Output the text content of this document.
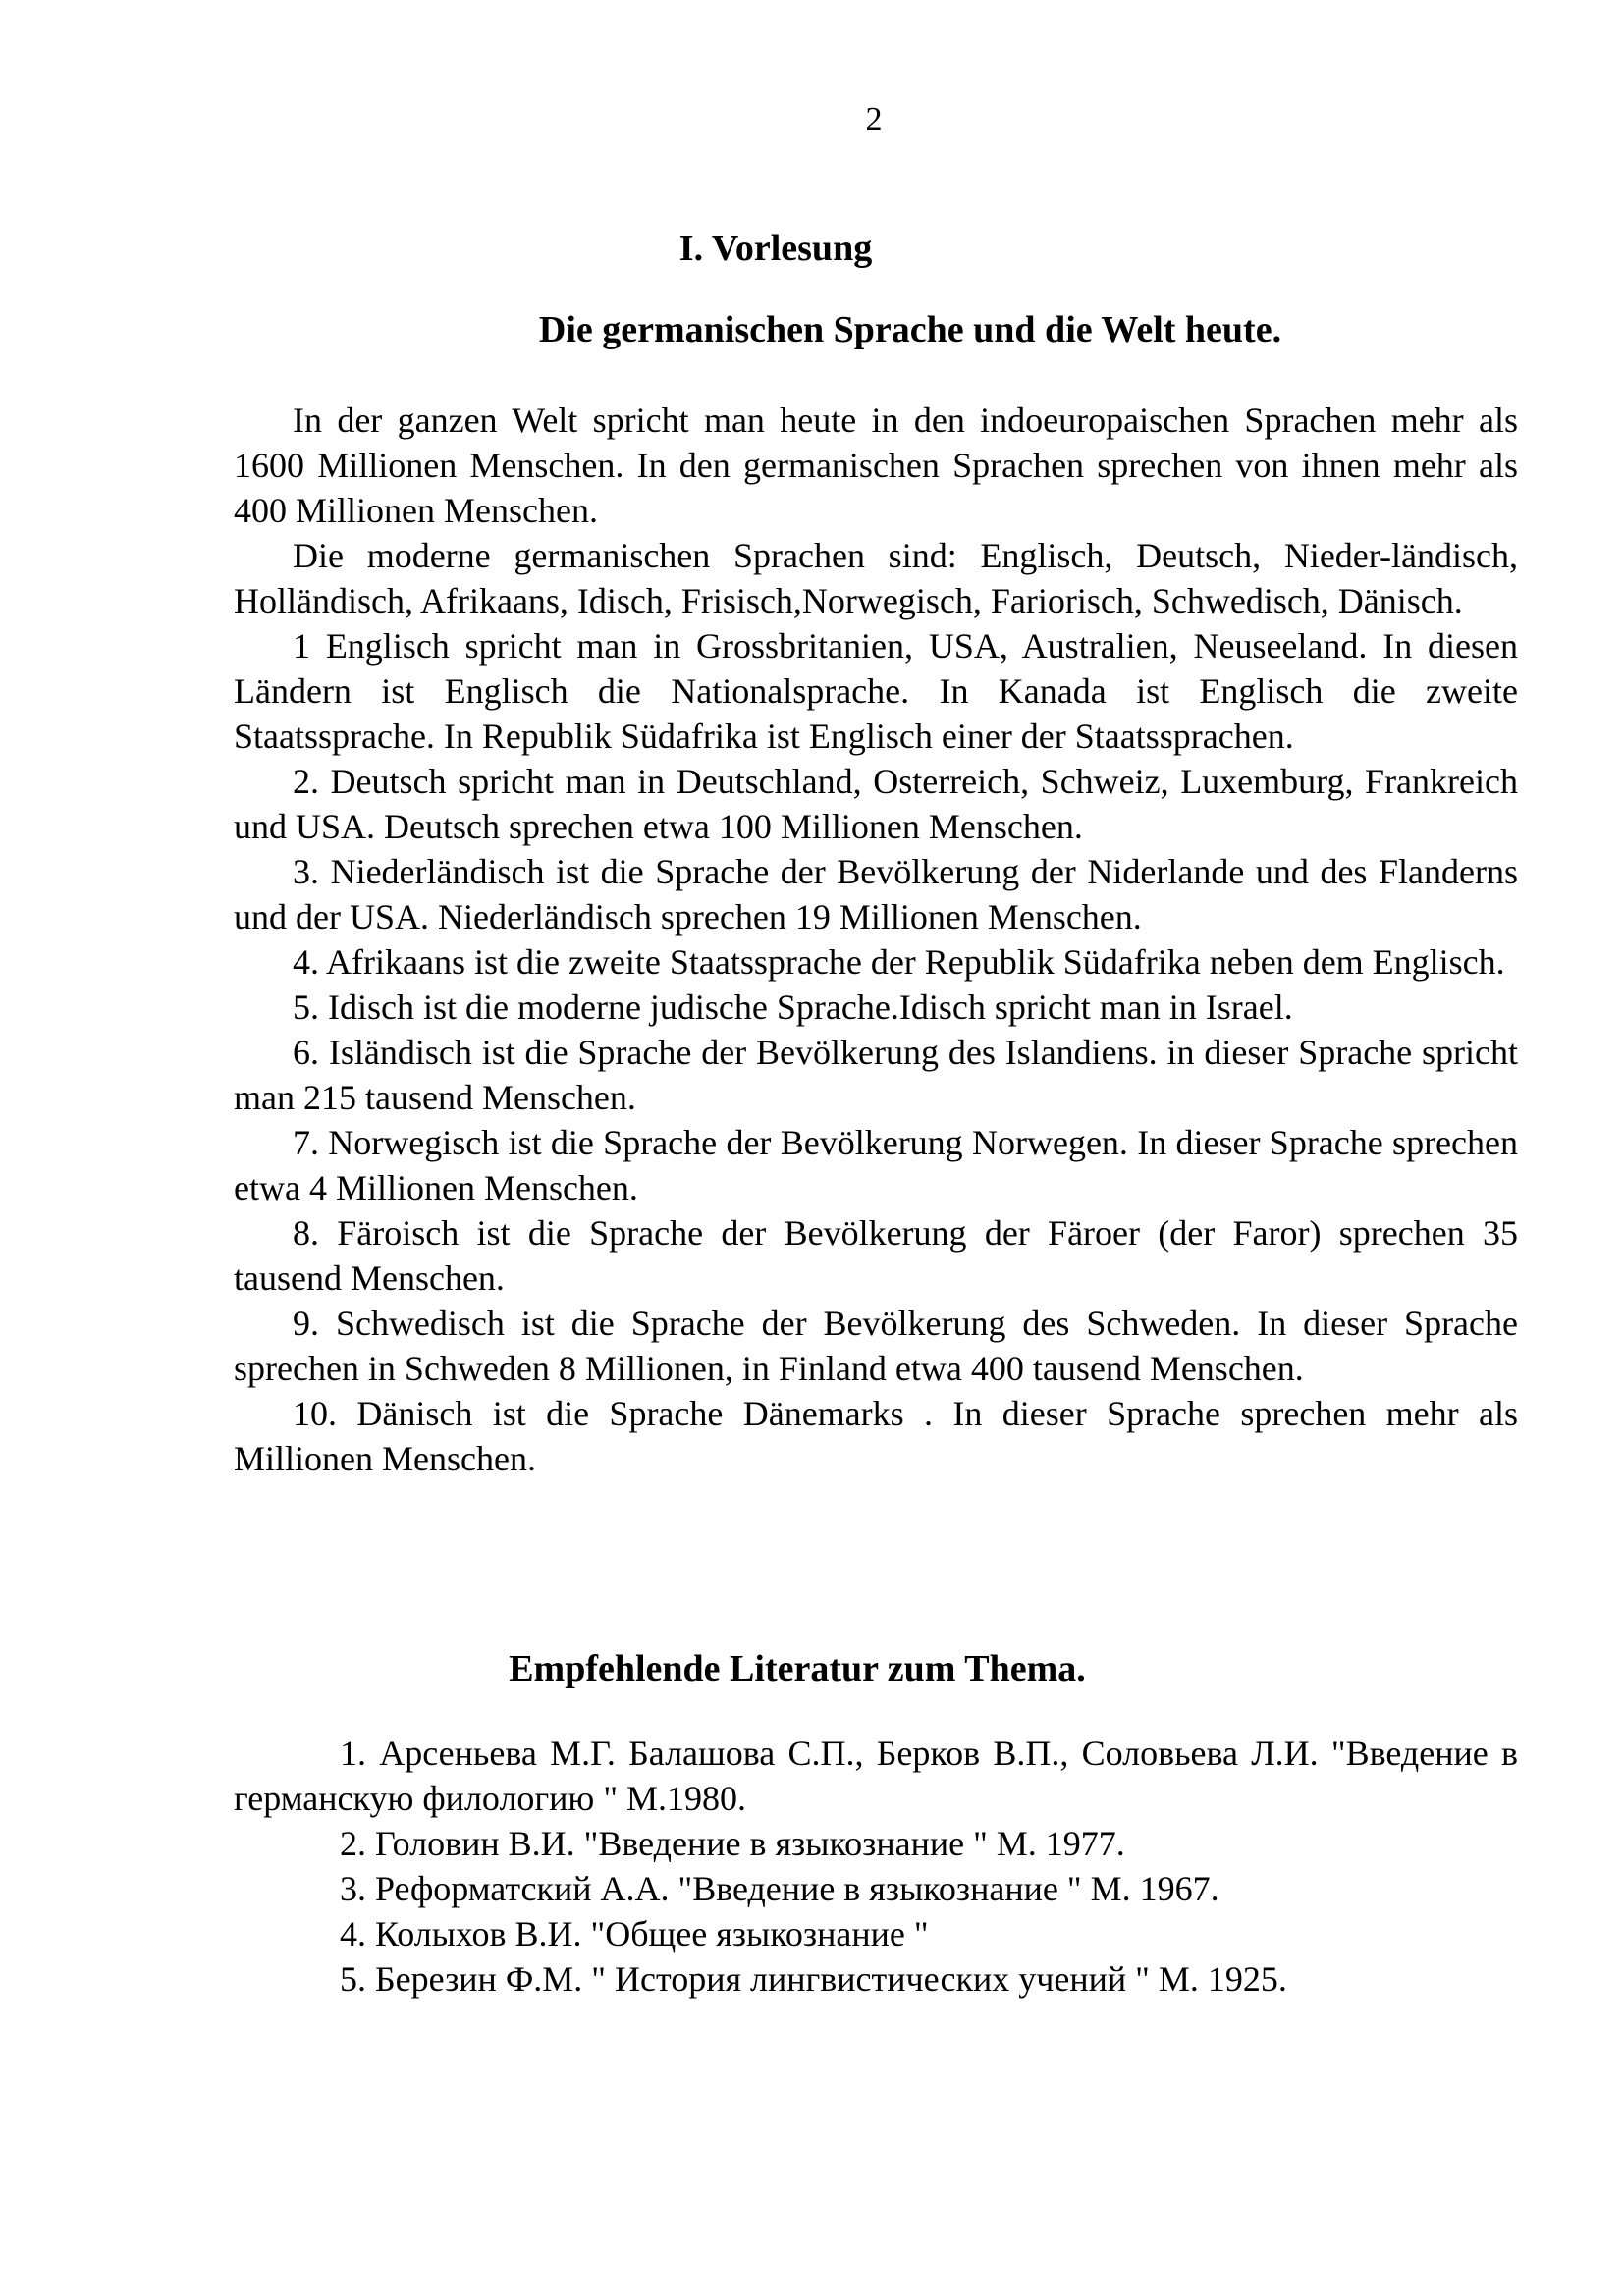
2
I. Vorlesung
Die germanischen Sprache und die Welt heute.

In der ganzen Welt spricht man heute in den indoeuropaischen Sprachen mehr als 1600 Millionen Menschen. In den germanischen Sprachen sprechen von ihnen mehr als 400 Millionen Menschen.

Die moderne germanischen Sprachen sind: Englisch, Deutsch, Nieder-ländisch, Holländisch, Afrikaans, Idisch, Frisisch,Norwegisch, Fariorisch, Schwedisch, Dänisch.

1 Englisch spricht man in Grossbritanien, USA, Australien, Neuseeland. In diesen Ländern ist Englisch die Nationalsprache. In Kanada ist Englisch die zweite Staatssprache. In Republik Südafrika ist Englisch einer der Staatssprachen.

2. Deutsch spricht man in Deutschland, Osterreich, Schweiz, Luxemburg, Frankreich und USA. Deutsch sprechen etwa 100 Millionen Menschen.

3. Niederländisch ist die Sprache der Bevölkerung der Niderlande und des Flanderns und der USA. Niederländisch sprechen 19 Millionen Menschen.

4. Afrikaans ist die zweite Staatssprache der Republik Südafrika neben dem Englisch.

5. Idisch ist die moderne judische Sprache.Idisch spricht man in Israel.

6. Isländisch ist die Sprache der Bevölkerung des Islandiens. in dieser Sprache spricht man 215 tausend Menschen.

7. Norwegisch ist die Sprache der Bevölkerung Norwegen. In dieser Sprache sprechen etwa 4 Millionen Menschen.

8. Färoisch ist die Sprache der Bevölkerung der Färoer (der Faror) sprechen 35 tausend Menschen.

9. Schwedisch ist die Sprache der Bevölkerung des Schweden. In dieser Sprache sprechen in Schweden 8 Millionen, in Finland etwa 400 tausend Menschen.

10. Dänisch ist die Sprache Dänemarks . In dieser Sprache sprechen mehr als Millionen Menschen.

Empfehlende Literatur zum Thema.

1. Арсеньева М.Г. Балашова С.П., Берков В.П., Соловьева Л.И. "Введение в германскую филологию " М.1980.

2. Головин В.И. "Введение в языкознание " М. 1977.

3. Реформатский А.А. "Введение в языкознание " М. 1967.

4. Колыхов В.И. "Общее языкознание "

5. Березин Ф.М. " История лингвистических учений " М. 1925.
